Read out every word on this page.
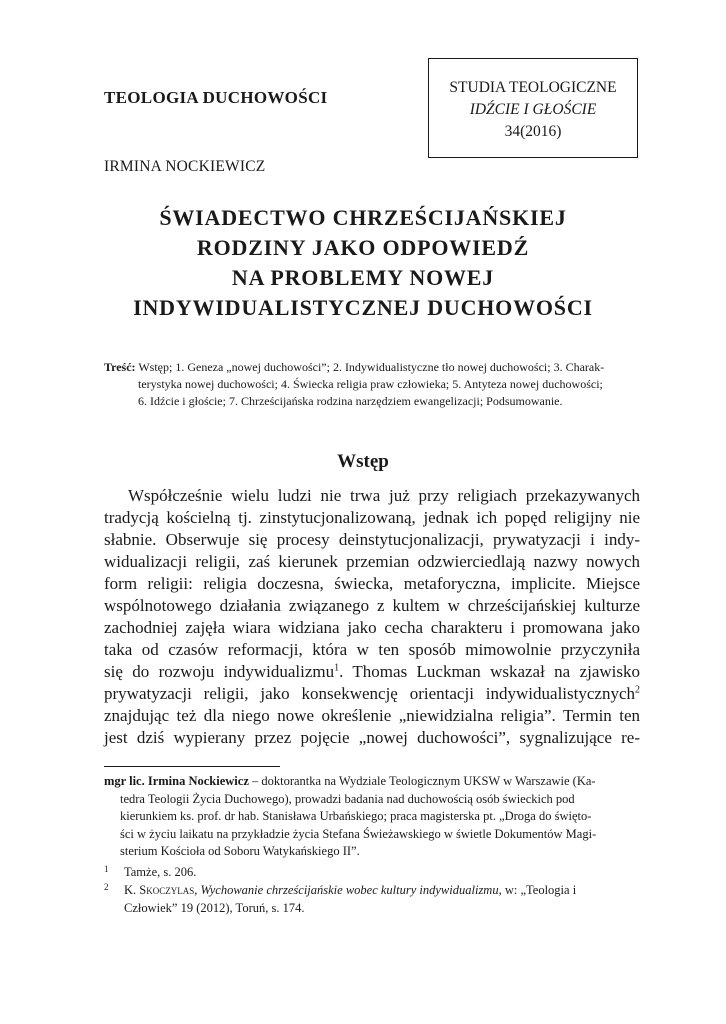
TEOLOGIA DUCHOWOŚCI
STUDIA TEOLOGICZNE
IDŹCIE I GŁOŚCIE
34(2016)
IRMINA NOCKIEWICZ
ŚWIADECTWO CHRZEŚCIJAŃSKIEJ
RODZINY JAKO ODPOWIEDŹ
NA PROBLEMY NOWEJ
INDYWIDUALISTYCZNEJ DUCHOWOŚCI
Treść: Wstęp; 1. Geneza „nowej duchowości”; 2. Indywidualistyczne tło nowej duchowości; 3. Charak-
terystyka nowej duchowości; 4. Świecka religia praw człowieka; 5. Antyteza nowej duchowości;
6. Idźcie i głoście; 7. Chrześcijańska rodzina narzędziem ewangelizacji; Podsumowanie.
Wstęp
Współcześnie wielu ludzi nie trwa już przy religiach przekazywanych
tradycją kościelną tj. zinstytucjonalizowaną, jednak ich popęd religijny nie
słabnie. Obserwuje się procesy deinstytucjonalizacji, prywatyzacji i indy-
widualizacji religii, zaś kierunek przemian odzwierciedlają nazwy nowych
form religii: religia doczesna, świecka, metaforyczna, implicite. Miejsce
wspólnotowego działania związanego z kultem w chrześcijańskiej kulturze
zachodniej zajęła wiara widziana jako cecha charakteru i promowana jako
taka od czasów reformacji, która w ten sposób mimowolnie przyczyniła
się do rozwoju indywidualizmu$^1$. Thomas Luckman wskazał na zjawisko
prywatyzacji religii, jako konsekwencję orientacji indywidualistycznych$^2$
znajdując też dla niego nowe określenie „niewidzialna religia”. Termin ten
jest dziś wypierany przez pojęcie „nowej duchowości”, sygnalizujące re-
mgr lic. Irmina Nockiewicz – doktorantka na Wydziale Teologicznym UKSW w Warszawie (Ka-
tedra Teologii Życia Duchowego), prowadzi badania nad duchowością osób świeckich pod
kierunkiem ks. prof. dr hab. Stanisława Urbańskiego; praca magisterska pt. „Droga do święto-
ści w życiu laikatu na przykładzie życia Stefana Świeżawskiego w świetle Dokumentów Magi-
sterium Kościoła od Soboru Watykańskiego II”.
1	Tamże, s. 206.
2	K. Skoczylas, Wychowanie chrześcijańskie wobec kultury indywidualizmu, w: „Teologia i
Człowiek” 19 (2012), Toruń, s. 174.
